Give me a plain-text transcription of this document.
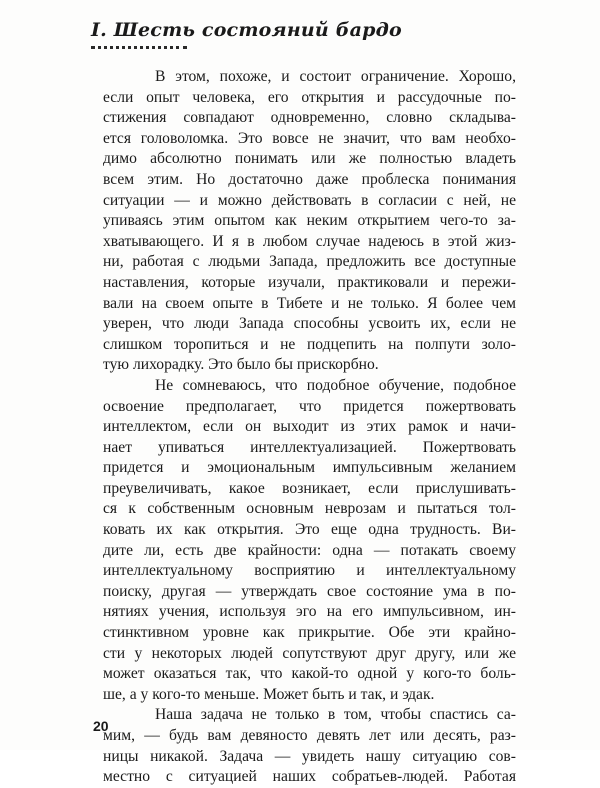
I. Шесть состояний бардо

В этом, похоже, и состоит ограничение. Хорошо,
если опыт человека, его открытия и рассудочные по-
стижения совпадают одновременно, словно складыва-
ется головоломка. Это вовсе не значит, что вам необхо-
димо абсолютно понимать или же полностью владеть
всем этим. Но достаточно даже проблеска понимания
ситуации — и можно действовать в согласии с ней, не
упиваясь этим опытом как неким открытием чего-то за-
хватывающего. И я в любом случае надеюсь в этой жиз-
ни, работая с людьми Запада, предложить все доступные
наставления, которые изучали, практиковали и пережи-
вали на своем опыте в Тибете и не только. Я более чем
уверен, что люди Запада способны усвоить их, если не
слишком торопиться и не подцепить на полпути золо-
тую лихорадку. Это было бы прискорбно.

Не сомневаюсь, что подобное обучение, подобное
освоение предполагает, что придется пожертвовать
интеллектом, если он выходит из этих рамок и начи-
нает упиваться интеллектуализацией. Пожертвовать
придется и эмоциональным импульсивным желанием
преувеличивать, какое возникает, если прислушивать-
ся к собственным основным неврозам и пытаться тол-
ковать их как открытия. Это еще одна трудность. Ви-
дите ли, есть две крайности: одна — потакать своему
интеллектуальному восприятию и интеллектуальному
поиску, другая — утверждать свое состояние ума в по-
нятиях учения, используя эго на его импульсивном, ин-
стинктивном уровне как прикрытие. Обе эти крайно-
сти у некоторых людей сопутствуют друг другу, или же
может оказаться так, что какой-то одной у кого-то боль-
ше, а у кого-то меньше. Может быть и так, и эдак.

Наша задача не только в том, чтобы спастись са-
мим, — будь вам девяносто девять лет или десять, раз-
ницы никакой. Задача — увидеть нашу ситуацию сов-
местно с ситуацией наших собратьев-людей. Работая

20
